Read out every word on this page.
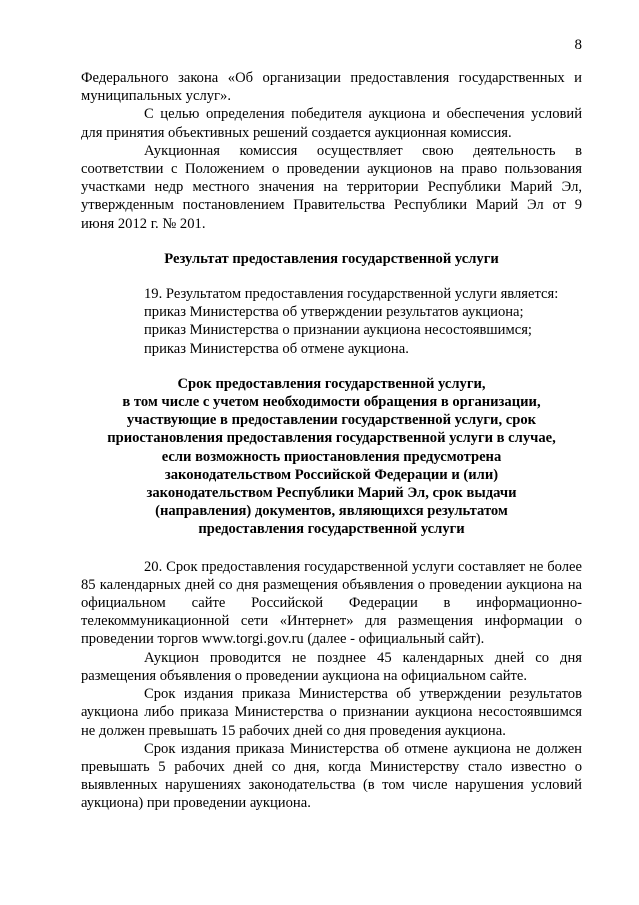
8

Федерального закона «Об организации предоставления государственных и муниципальных услуг».

С целью определения победителя аукциона и обеспечения условий для принятия объективных решений создается аукционная комиссия.

Аукционная комиссия осуществляет свою деятельность в соответствии с Положением о проведении аукционов на право пользования участками недр местного значения на территории Республики Марий Эл, утвержденным постановлением Правительства Республики Марий Эл от 9 июня 2012 г. № 201.

Результат предоставления государственной услуги

19. Результатом предоставления государственной услуги является:

приказ Министерства об утверждении результатов аукциона;

приказ Министерства о признании аукциона несостоявшимся;

приказ Министерства об отмене аукциона.

Срок предоставления государственной услуги,
в том числе с учетом необходимости обращения в организации,
участвующие в предоставлении государственной услуги, срок
приостановления предоставления государственной услуги в случае,
если возможность приостановления предусмотрена
законодательством Российской Федерации и (или)
законодательством Республики Марий Эл, срок выдачи
(направления) документов, являющихся результатом
предоставления государственной услуги

20. Срок предоставления государственной услуги составляет не более 85 календарных дней со дня размещения объявления о проведении аукциона на официальном сайте Российской Федерации в информационно-телекоммуникационной сети «Интернет» для размещения информации о проведении торгов www.torgi.gov.ru (далее - официальный сайт).

Аукцион проводится не позднее 45 календарных дней со дня размещения объявления о проведении аукциона на официальном сайте.

Срок издания приказа Министерства об утверждении результатов аукциона либо приказа Министерства о признании аукциона несостоявшимся не должен превышать 15 рабочих дней со дня проведения аукциона.

Срок издания приказа Министерства об отмене аукциона не должен превышать 5 рабочих дней со дня, когда Министерству стало известно о выявленных нарушениях законодательства (в том числе нарушения условий аукциона) при проведении аукциона.
